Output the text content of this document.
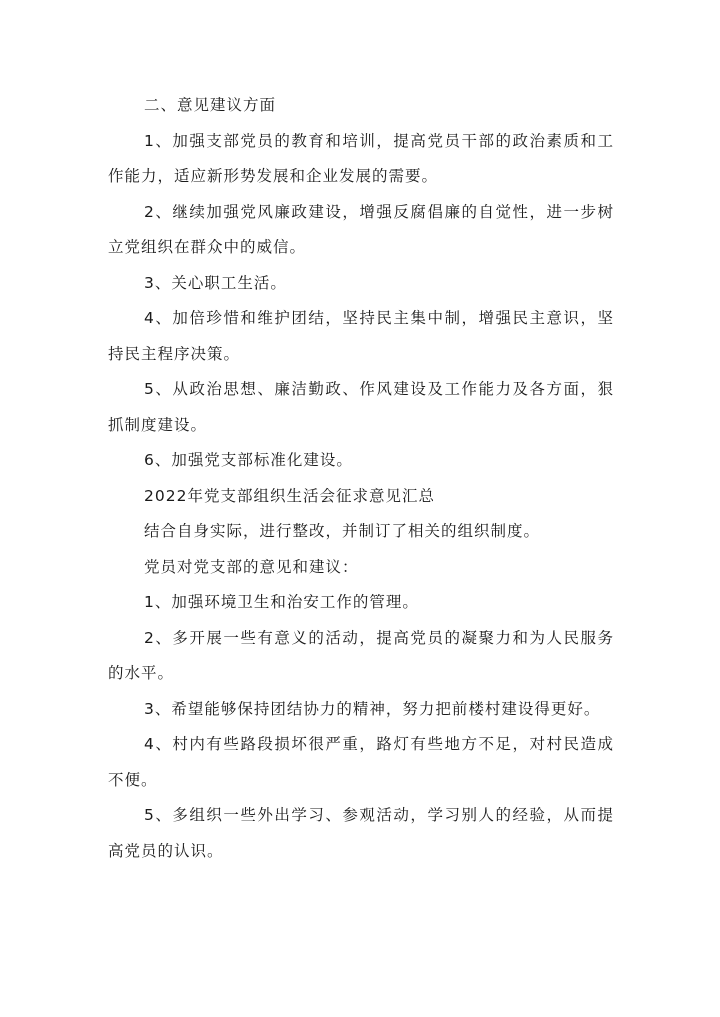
二、意见建议方面

1、加强支部党员的教育和培训，提高党员干部的政治素质和工作能力，适应新形势发展和企业发展的需要。

2、继续加强党风廉政建设，增强反腐倡廉的自觉性，进一步树立党组织在群众中的威信。

3、关心职工生活。

4、加倍珍惜和维护团结，坚持民主集中制，增强民主意识，坚持民主程序决策。

5、从政治思想、廉洁勤政、作风建设及工作能力及各方面，狠抓制度建设。

6、加强党支部标准化建设。

2022年党支部组织生活会征求意见汇总

结合自身实际，进行整改，并制订了相关的组织制度。

党员对党支部的意见和建议：

1、加强环境卫生和治安工作的管理。

2、多开展一些有意义的活动，提高党员的凝聚力和为人民服务的水平。

3、希望能够保持团结协力的精神，努力把前楼村建设得更好。

4、村内有些路段损坏很严重，路灯有些地方不足，对村民造成不便。

5、多组织一些外出学习、参观活动，学习别人的经验，从而提高党员的认识。
